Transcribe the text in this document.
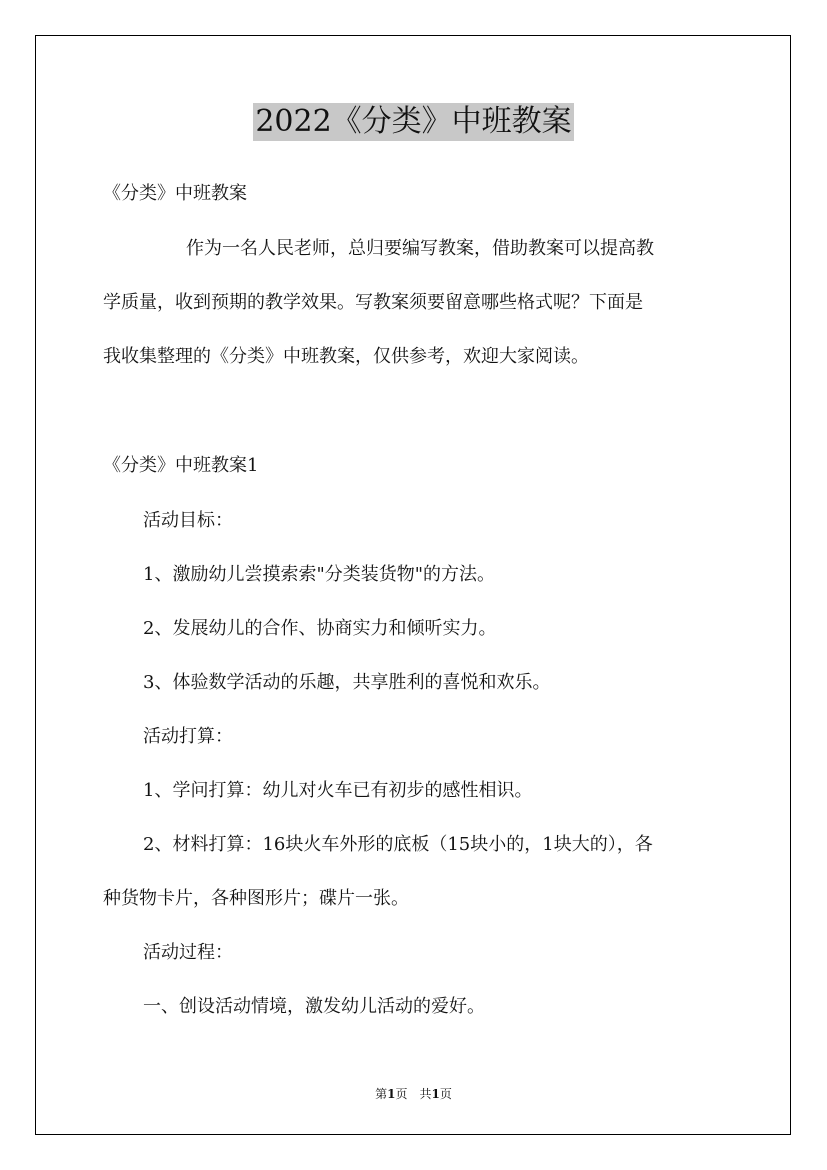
2022《分类》中班教案
《分类》中班教案
作为一名人民老师，总归要编写教案，借助教案可以提高教
学质量，收到预期的教学效果。写教案须要留意哪些格式呢？下面是
我收集整理的《分类》中班教案，仅供参考，欢迎大家阅读。
《分类》中班教案1
活动目标：
1、激励幼儿尝摸索索"分类装货物"的方法。
2、发展幼儿的合作、协商实力和倾听实力。
3、体验数学活动的乐趣，共享胜利的喜悦和欢乐。
活动打算：
1、学问打算：幼儿对火车已有初步的感性相识。
2、材料打算：16块火车外形的底板（15块小的，1块大的），各
种货物卡片，各种图形片；碟片一张。
活动过程：
一、创设活动情境，激发幼儿活动的爱好。
第1页　共1页
